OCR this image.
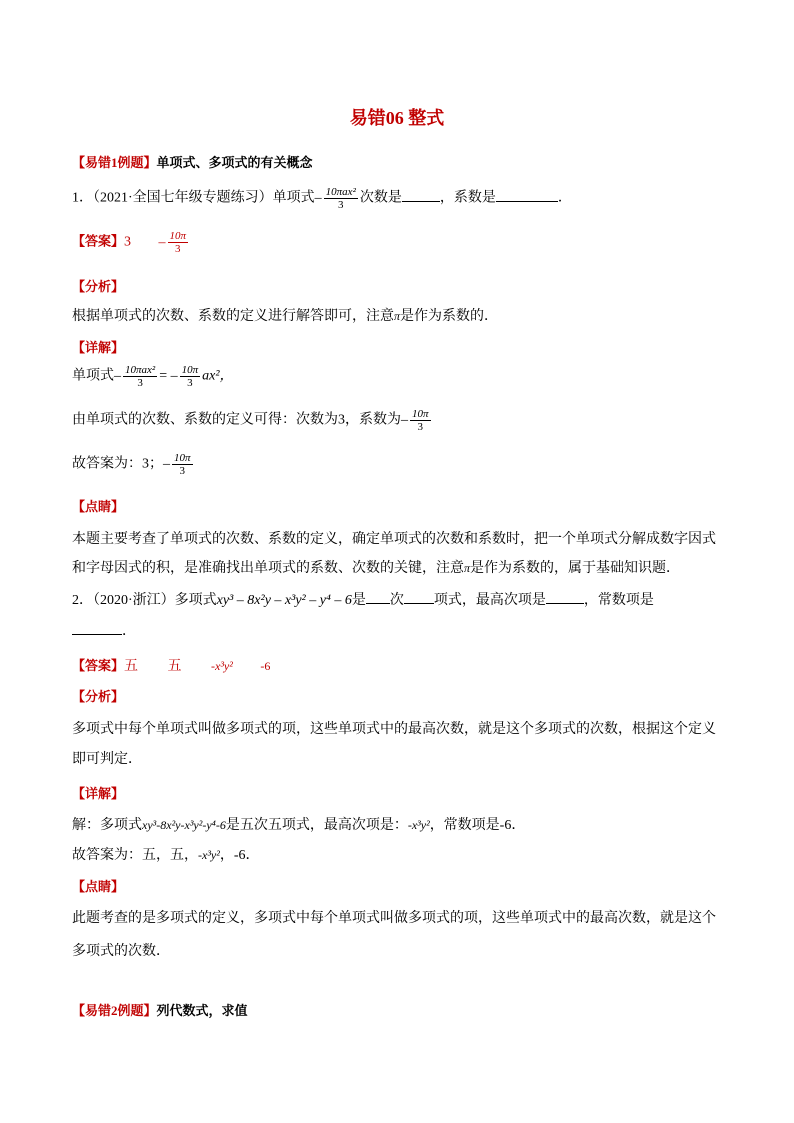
易错06 整式
【易错1例题】单项式、多项式的有关概念
1．（2021·全国七年级专题练习）单项式– $\frac{\text{10πax²}}{3}$ 次数是	，系数是	．
【答案】$3 - \frac{10\pi}{3}$
【分析】
根据单项式的次数、系数的定义进行解答即可，注意π是作为系数的．
【详解】
单项式– $\frac{\text{10πax²}}{3}$ = – $\frac{10\pi}{3} ax^2$，
由单项式的次数、系数的定义可得：次数为3，系数为– $\frac{10\pi}{3}$
故答案为：3；– $\frac{10\pi}{3}$
【点睛】
本题主要考查了单项式的次数、系数的定义，确定单项式的次数和系数时，把一个单项式分解成数字因式
和字母因式的积，是准确找出单项式的系数、次数的关键，注意π是作为系数的，属于基础知识题．
2．（2020·浙江）多项式xy³ – 8x²y – x³y² – y⁴ – 6是 次 项式，最高次项是	，常数项是
．
【答案】五 五 -x³y² -6
【分析】
多项式中每个单项式叫做多项式的项，这些单项式中的最高次数，就是这个多项式的次数，根据这个定义
即可判定．
【详解】
解：多项式xy³-8x²y-x³y²-y⁴-6是五次五项式，最高次项是：-x³y²，常数项是-6．
故答案为：五，五，-x³y²，-6．
【点睛】
此题考查的是多项式的定义，多项式中每个单项式叫做多项式的项，这些单项式中的最高次数，就是这个
多项式的次数．
【易错2例题】列代数式，求值
